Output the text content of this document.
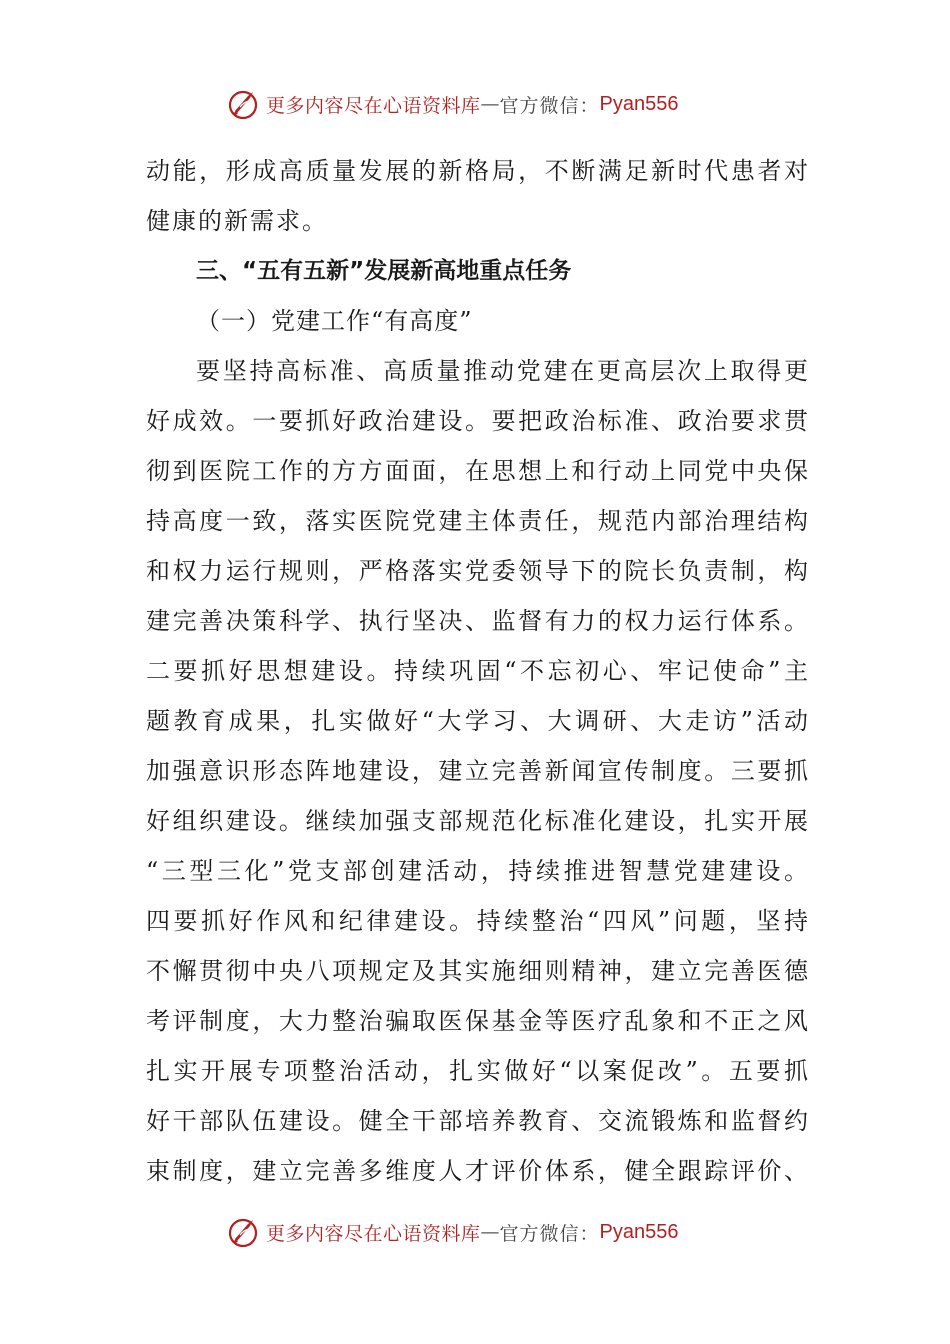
更多内容尽在心语资料库 — 官方微信： Pyan556
动能，形成高质量发展的新格局，不断满足新时代患者对
健康的新需求。
三、“五有五新”发展新高地重点任务
（一）党建工作“有高度”
要坚持高标准、高质量推动党建在更高层次上取得更
好成效。一要抓好政治建设。要把政治标准、政治要求贯
彻到医院工作的方方面面，在思想上和行动上同党中央保
持高度一致，落实医院党建主体责任，规范内部治理结构
和权力运行规则，严格落实党委领导下的院长负责制，构
建完善决策科学、执行坚决、监督有力的权力运行体系。
二要抓好思想建设。持续巩固“不忘初心、牢记使命”主
题教育成果，扎实做好“大学习、大调研、大走访”活动
加强意识形态阵地建设，建立完善新闻宣传制度。三要抓
好组织建设。继续加强支部规范化标准化建设，扎实开展
“三型三化”党支部创建活动，持续推进智慧党建建设。
四要抓好作风和纪律建设。持续整治“四风”问题，坚持
不懈贯彻中央八项规定及其实施细则精神，建立完善医德
考评制度，大力整治骗取医保基金等医疗乱象和不正之风
扎实开展专项整治活动，扎实做好“以案促改”。五要抓
好干部队伍建设。健全干部培养教育、交流锻炼和监督约
束制度，建立完善多维度人才评价体系，健全跟踪评价、
更多内容尽在心语资料库 — 官方微信： Pyan556
